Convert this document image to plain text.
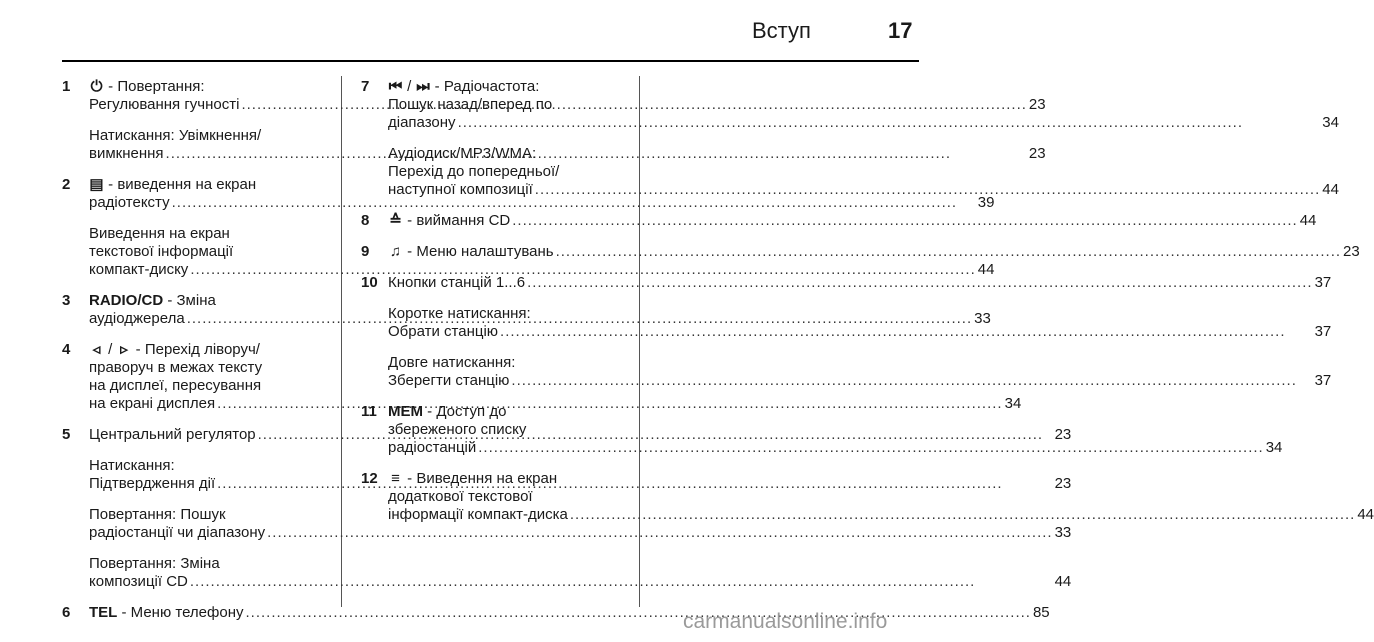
Вступ	17
1	⏻ - Повертання:
Регулювання гучності .....	23
Натискання: Увімкнення/
вимкнення .....	23
2	▤ - виведення на екран
радіотексту .....	39
Виведення на екран
текстової інформації
компакт-диску .....	44
3	RADIO/CD - Зміна
аудіоджерела .....	33
4	◃ / ▹ - Перехід ліворуч/
праворуч в межах тексту
на дисплеї, пересування
на екрані дисплея .....	34
5	Центральний регулятор .....	23
Натискання:
Підтвердження дії .....	23
Повертання: Пошук
радіостанції чи діапазону .....	33
Повертання: Зміна
композиції CD .....	44
6	TEL - Меню телефону .....	85
7	⏮ / ⏭ - Радіочастота:
Пошук назад/вперед по
діапазону .....	34
Аудіодиск/MP3/WMA:
Перехід до попередньої/
наступної композиції .....	44
8	≙ - виймання CD .....	44
9	♫ - Меню налаштувань .....	23
10 Кнопки станцій 1...6 .....	37
Коротке натискання:
Обрати станцію .....	37
Довге натискання:
Зберегти станцію .....	37
11 MEM - Доступ до
збереженого списку
радіостанцій .....	34
12 ≡ - Виведення на екран
додаткової текстової
інформації компакт-диска .....	44
carmanualsonline.info
